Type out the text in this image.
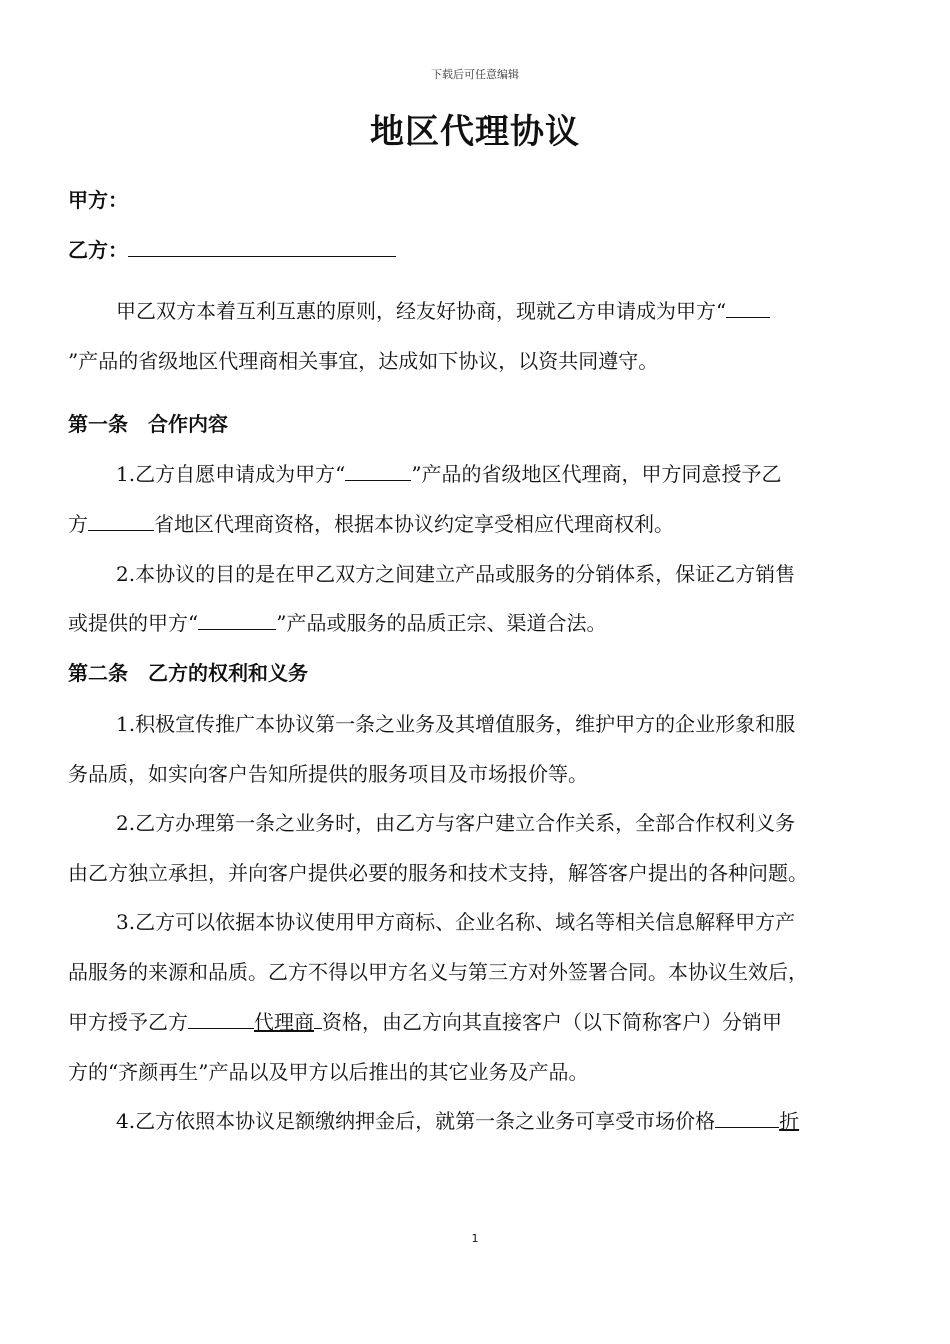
下载后可任意编辑
地区代理协议
甲方：
乙方：
甲乙双方本着互利互惠的原则，经友好协商，现就乙方申请成为甲方“
”产品的省级地区代理商相关事宜，达成如下协议，以资共同遵守。
第一条　合作内容
1.乙方自愿申请成为甲方“	”产品的省级地区代理商，甲方同意授予乙
方	省地区代理商资格，根据本协议约定享受相应代理商权利。
2.本协议的目的是在甲乙双方之间建立产品或服务的分销体系，保证乙方销售
或提供的甲方“	”产品或服务的品质正宗、渠道合法。
第二条　乙方的权利和义务
1.积极宣传推广本协议第一条之业务及其增值服务，维护甲方的企业形象和服
务品质，如实向客户告知所提供的服务项目及市场报价等。
2.乙方办理第一条之业务时，由乙方与客户建立合作关系，全部合作权利义务
由乙方独立承担，并向客户提供必要的服务和技术支持，解答客户提出的各种问题。
3.乙方可以依据本协议使用甲方商标、企业名称、域名等相关信息解释甲方产
品服务的来源和品质。乙方不得以甲方名义与第三方对外签署合同。本协议生效后，
甲方授予乙方	代理商 资格，由乙方向其直接客户（以下简称客户）分销甲
方的“齐颜再生”产品以及甲方以后推出的其它业务及产品。
4.乙方依照本协议足额缴纳押金后，就第一条之业务可享受市场价格	折
1
